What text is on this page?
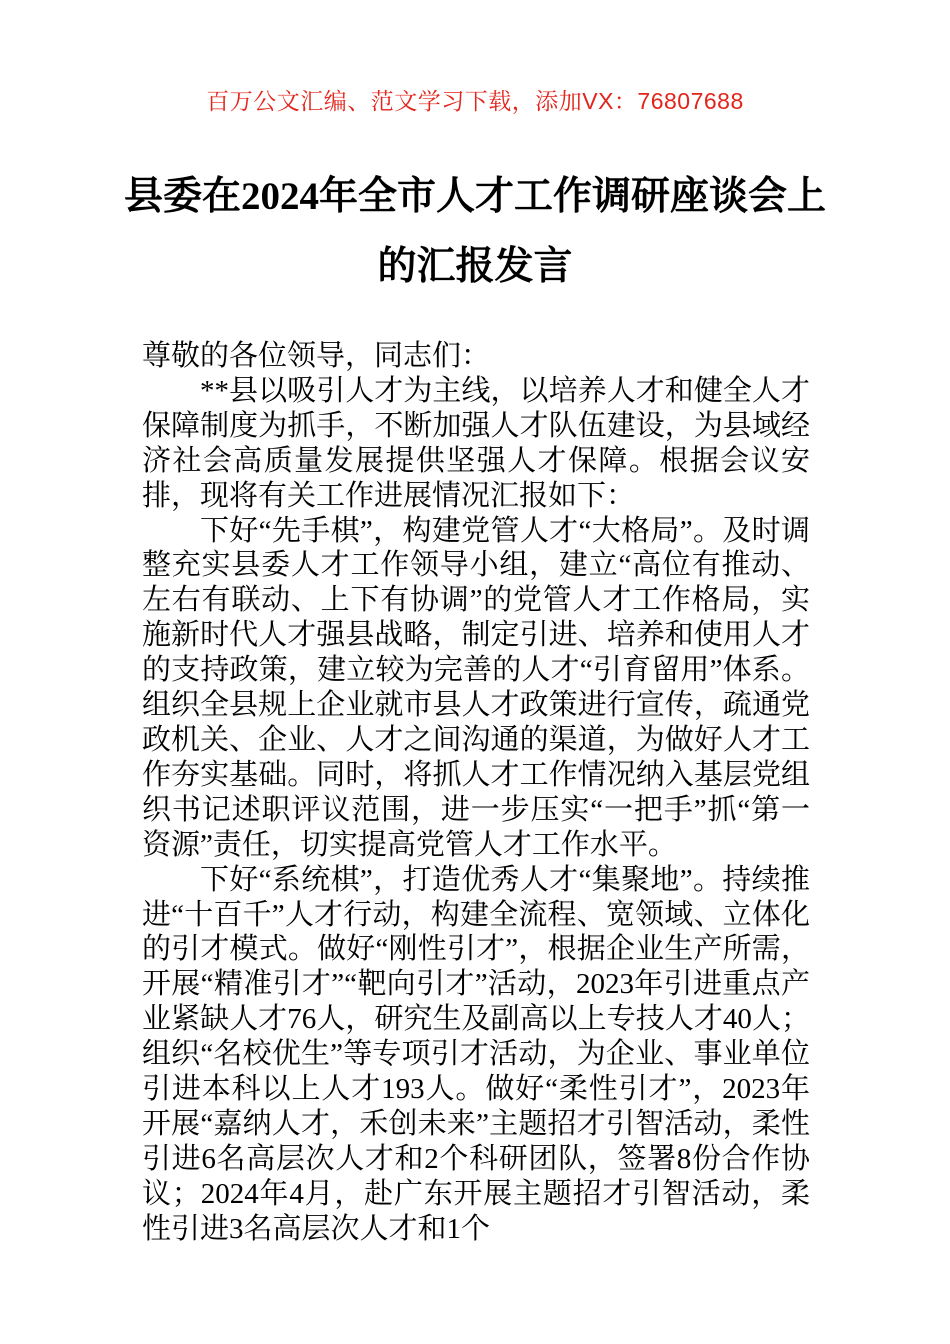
百万公文汇编、范文学习下载，添加VX：76807688
县委在2024年全市人才工作调研座谈会上
的汇报发言

尊敬的各位领导，同志们：

**县以吸引人才为主线，以培养人才和健全人才保障制度为抓手，不断加强人才队伍建设，为县域经济社会高质量发展提供坚强人才保障。根据会议安排，现将有关工作进展情况汇报如下：

下好“先手棋”，构建党管人才“大格局”。及时调整充实县委人才工作领导小组，建立“高位有推动、左右有联动、上下有协调”的党管人才工作格局，实施新时代人才强县战略，制定引进、培养和使用人才的支持政策，建立较为完善的人才“引育留用”体系。组织全县规上企业就市县人才政策进行宣传，疏通党政机关、企业、人才之间沟通的渠道，为做好人才工作夯实基础。同时，将抓人才工作情况纳入基层党组织书记述职评议范围，进一步压实“一把手”抓“第一资源”责任，切实提高党管人才工作水平。

下好“系统棋”，打造优秀人才“集聚地”。持续推进“十百千”人才行动，构建全流程、宽领域、立体化的引才模式。做好“刚性引才”，根据企业生产所需，开展“精准引才”“靶向引才”活动，2023年引进重点产业紧缺人才76人，研究生及副高以上专技人才40人；组织“名校优生”等专项引才活动，为企业、事业单位引进本科以上人才193人。做好“柔性引才”，2023年开展“嘉纳人才，禾创未来”主题招才引智活动，柔性引进6名高层次人才和2个科研团队，签署8份合作协议；2024年4月，赴广东开展主题招才引智活动，柔性引进3名高层次人才和1个
